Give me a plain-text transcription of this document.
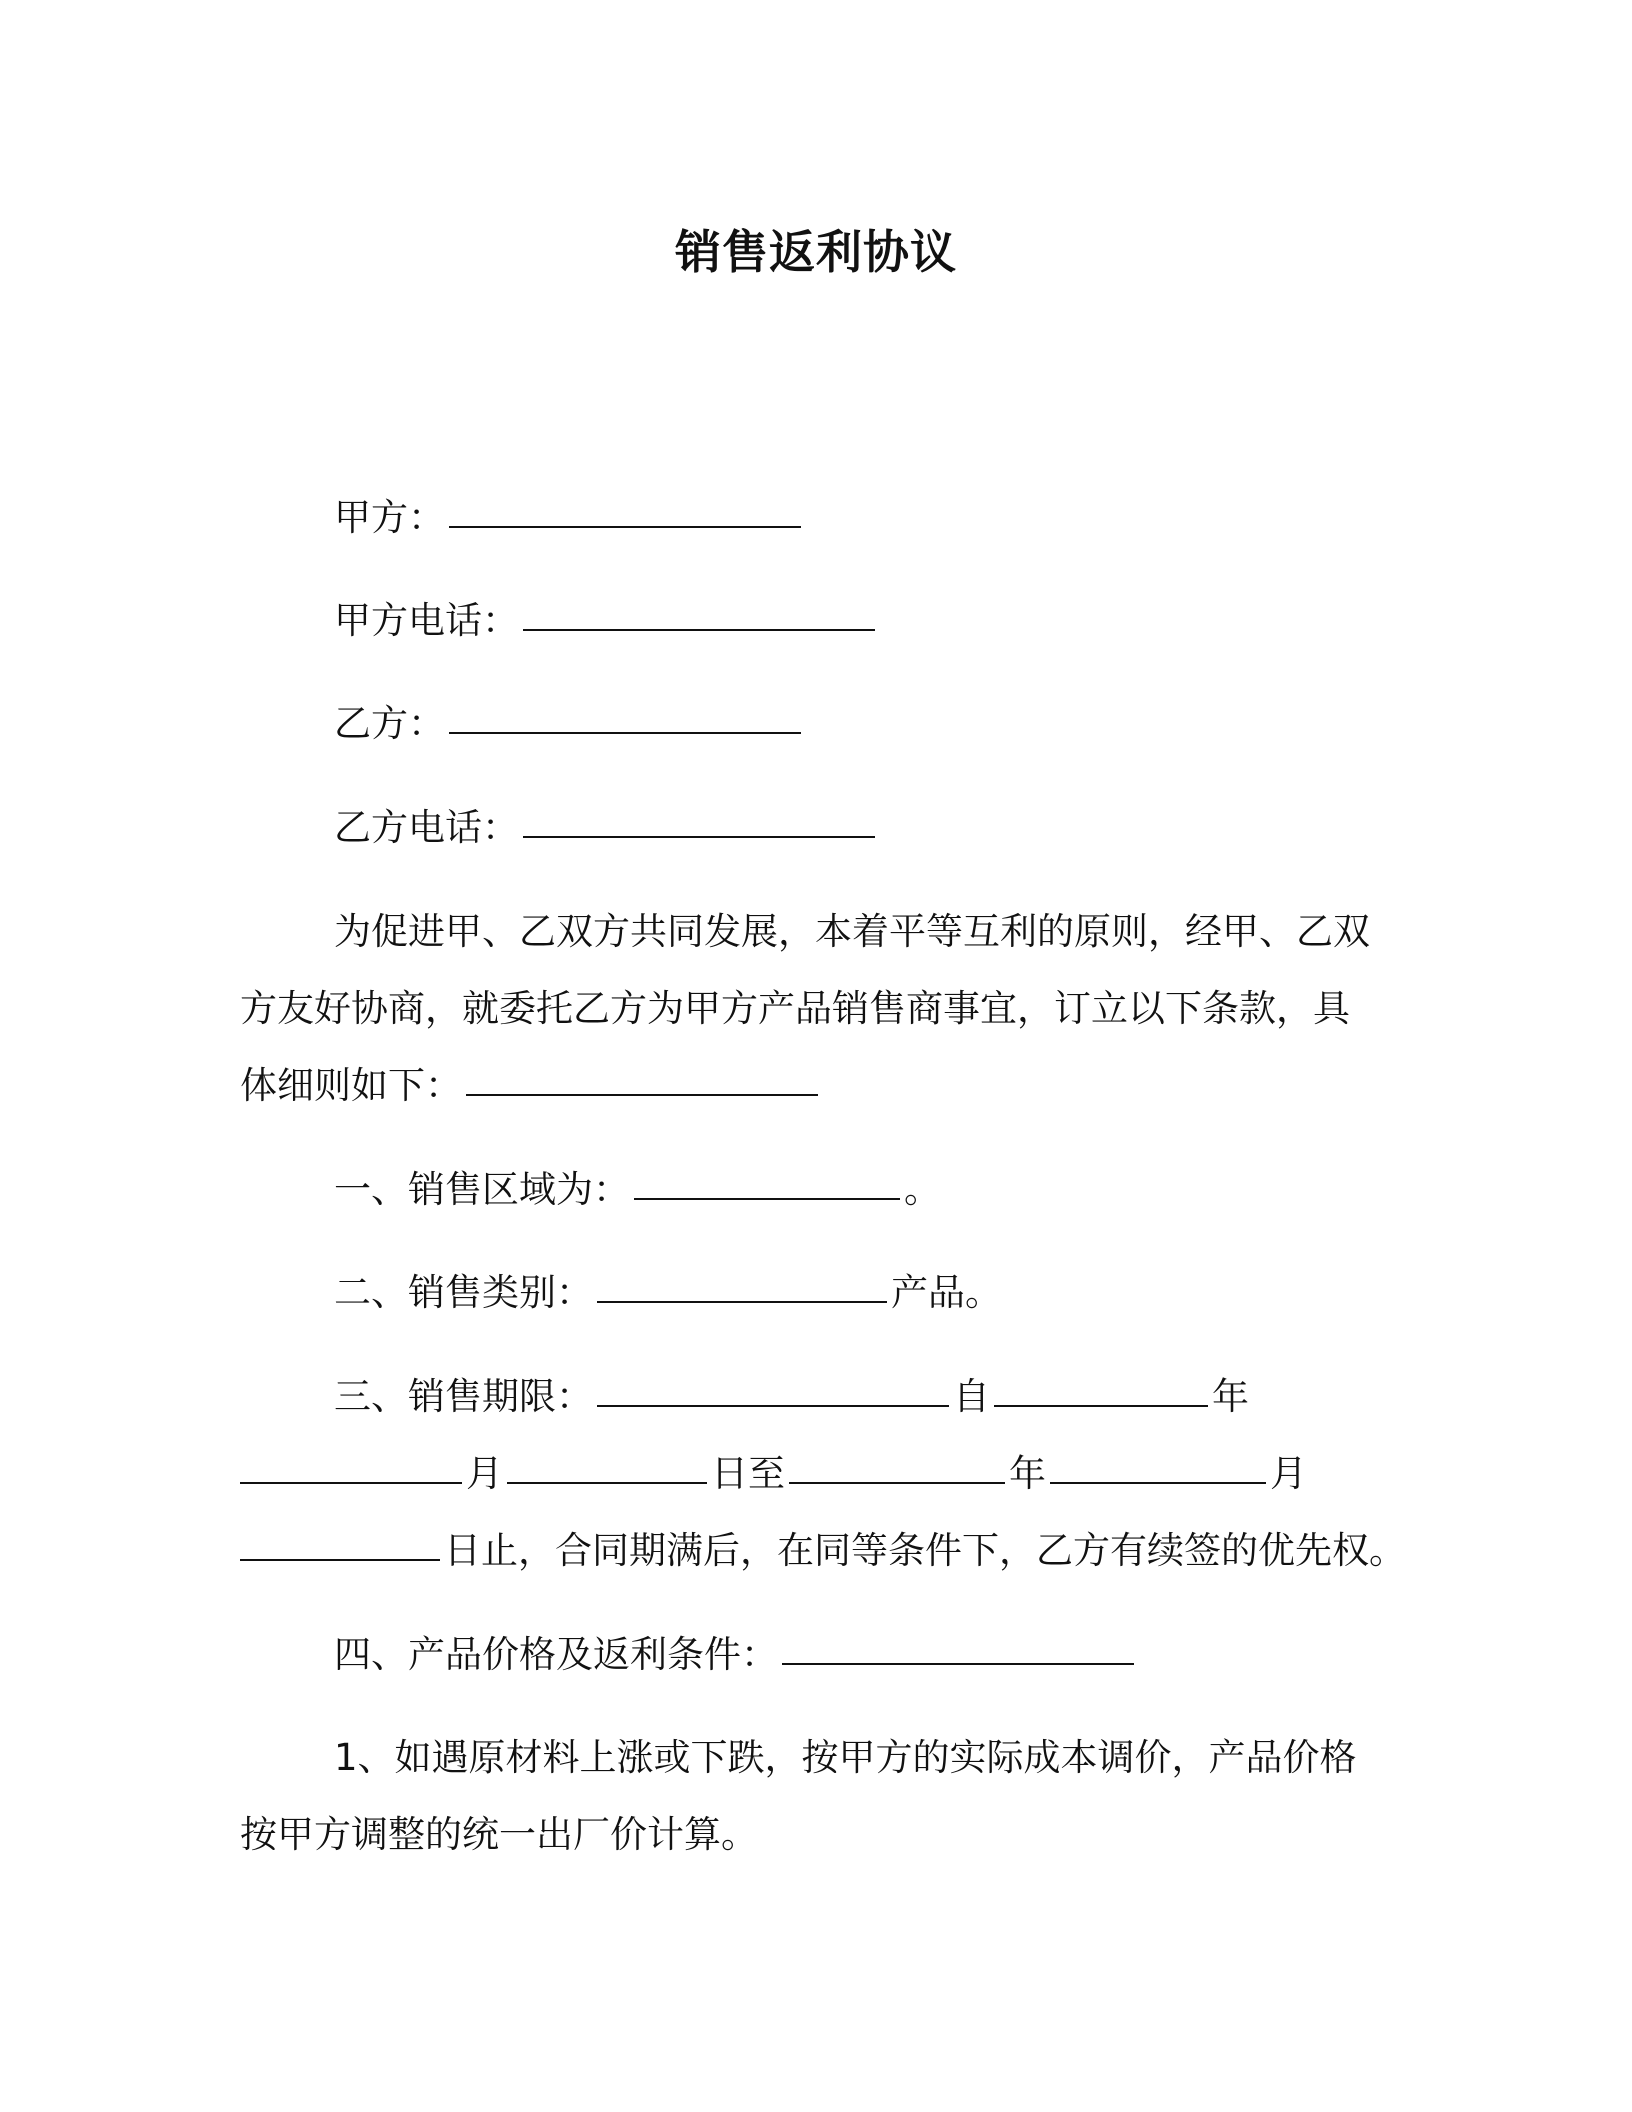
销售返利协议
甲方：
甲方电话：
乙方：
乙方电话：
为促进甲、乙双方共同发展，本着平等互利的原则，经甲、乙双
方友好协商，就委托乙方为甲方产品销售商事宜，订立以下条款，具
体细则如下：
一、销售区域为：	。
二、销售类别：	产品。
三、销售期限：	自	年
月	日至	年	月
日止，合同期满后，在同等条件下，乙方有续签的优先权。
四、产品价格及返利条件：
1、如遇原材料上涨或下跌，按甲方的实际成本调价，产品价格
按甲方调整的统一出厂价计算。
